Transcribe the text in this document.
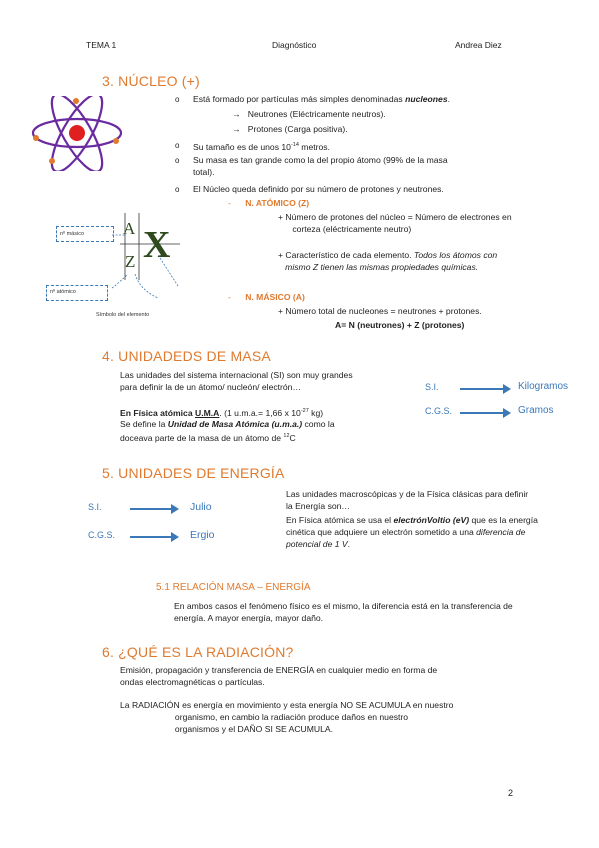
TEMA 1	Diagnóstico	Andrea Diez
3. NÚCLEO (+)
o Está formado por partículas más simples denominadas nucleones.
→ Neutrones (Eléctricamente neutros).
→ Protones (Carga positiva).
o Su tamaño es de unos $10^{-14}$ metros.
o Su masa es tan grande como la del propio átomo (99% de la masa
total).
o El Núcleo queda definido por su número de protones y neutrones.
A
Z X
nº másico
nº atómico
Símbolo del elemento
-      N. ATÓMICO (Z)
+ Número de protones del núcleo = Número de electrones en
corteza (eléctricamente neutro)
+ Característico de cada elemento. Todos los átomos con
mismo Z tienen las mismas propiedades químicas.
-      N. MÁSICO (A)
+ Número total de nucleones = neutrones + protones.
A= N (neutrones) + Z (protones)
4. UNIDADEDS DE MASA
Las unidades del sistema internacional (SI) son muy grandes
para definir la de un átomo/ nucleón/ electrón…
En Física atómica U.M.A. (1 u.m.a.= 1,66 x $10^{-27}$ kg)
Se define la Unidad de Masa Atómica (u.m.a.) como la
doceava parte de la masa de un átomo de $^{12}$C
S.I.	Kilogramos
C.G.S.	Gramos
5. UNIDADES DE ENERGÍA
S.I.	Julio
C.G.S.	Ergio
Las unidades macroscópicas y de la Física clásicas para definir
la Energía son…
En Física atómica se usa el electrónVoltio (eV) que es la energía
cinética que adquiere un electrón sometido a una diferencia de
potencial de 1 V.
5.1 RELACIÓN MASA – ENERGÍA
En ambos casos el fenómeno físico es el mismo, la diferencia está en la transferencia de
energía. A mayor energía, mayor daño.
6. ¿QUÉ ES LA RADIACIÓN?
Emisión, propagación y transferencia de ENERGÍA en cualquier medio en forma de
ondas electromagnéticas o partículas.
La RADIACIÓN es energía en movimiento y esta energía NO SE ACUMULA en nuestro
organismo, en cambio la radiación produce daños en nuestro
organismos y el DAÑO SI SE ACUMULA.
2
